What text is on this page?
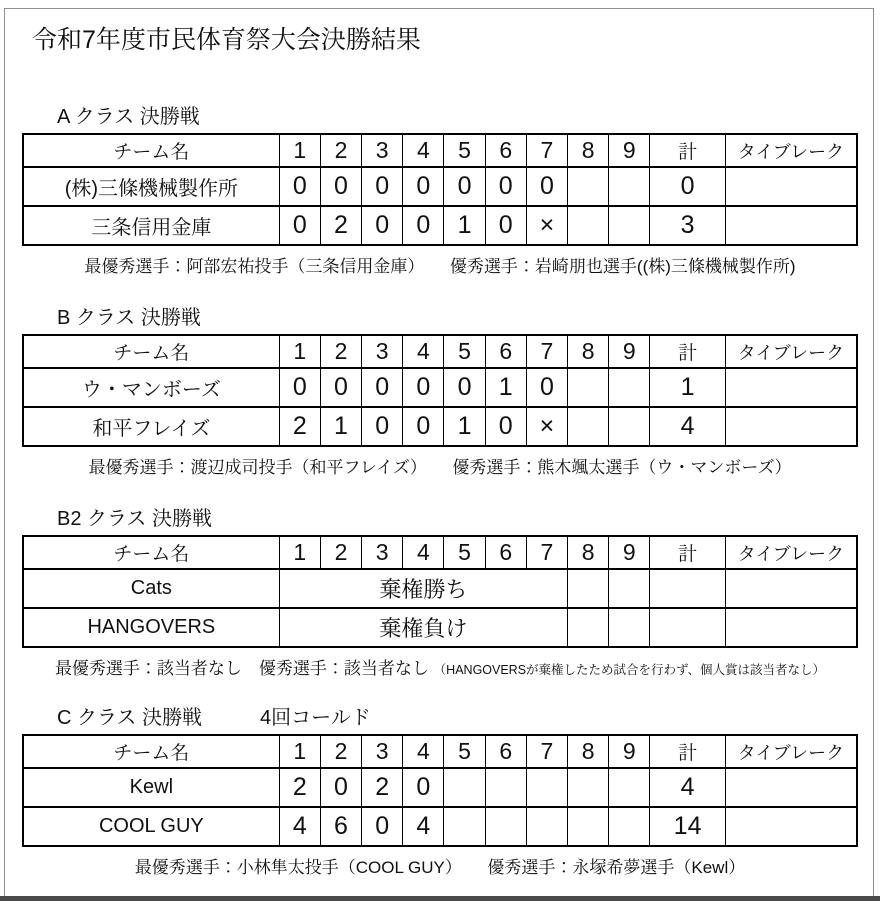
令和7年度市民体育祭大会決勝結果
A クラス 決勝戦
チーム名	1	2	3	4	5	6	7	8	9	計	タイブレーク
(株)三條機械製作所	0	0	0	0	0	0	0			0	
三条信用金庫	0	2	0	0	1	0	×			3	
最優秀選手：阿部宏祐投手（三条信用金庫）　　優秀選手：岩崎朋也選手((株)三條機械製作所)
B クラス 決勝戦
チーム名	1	2	3	4	5	6	7	8	9	計	タイブレーク
ウ・マンボーズ	0	0	0	0	0	1	0			1	
和平フレイズ	2	1	0	0	1	0	×			4	
最優秀選手：渡辺成司投手（和平フレイズ）　　優秀選手：熊木颯太選手（ウ・マンボーズ）
B2 クラス 決勝戦
チーム名	1	2	3	4	5	6	7	8	9	計	タイブレーク
Cats	棄権勝ち										
HANGOVERS	棄権負け										
最優秀選手：該当者なし　優秀選手：該当者なし （HANGOVERSが棄権したため試合を行わず、個人賞は該当者なし）
C クラス 決勝戦	4回コールド
チーム名	1	2	3	4	5	6	7	8	9	計	タイブレーク
Kewl	2	0	2	0						4	
COOL GUY	4	6	0	4						14	
最優秀選手：小林隼太投手（COOL GUY）　　優秀選手：永塚希夢選手（Kewl）
